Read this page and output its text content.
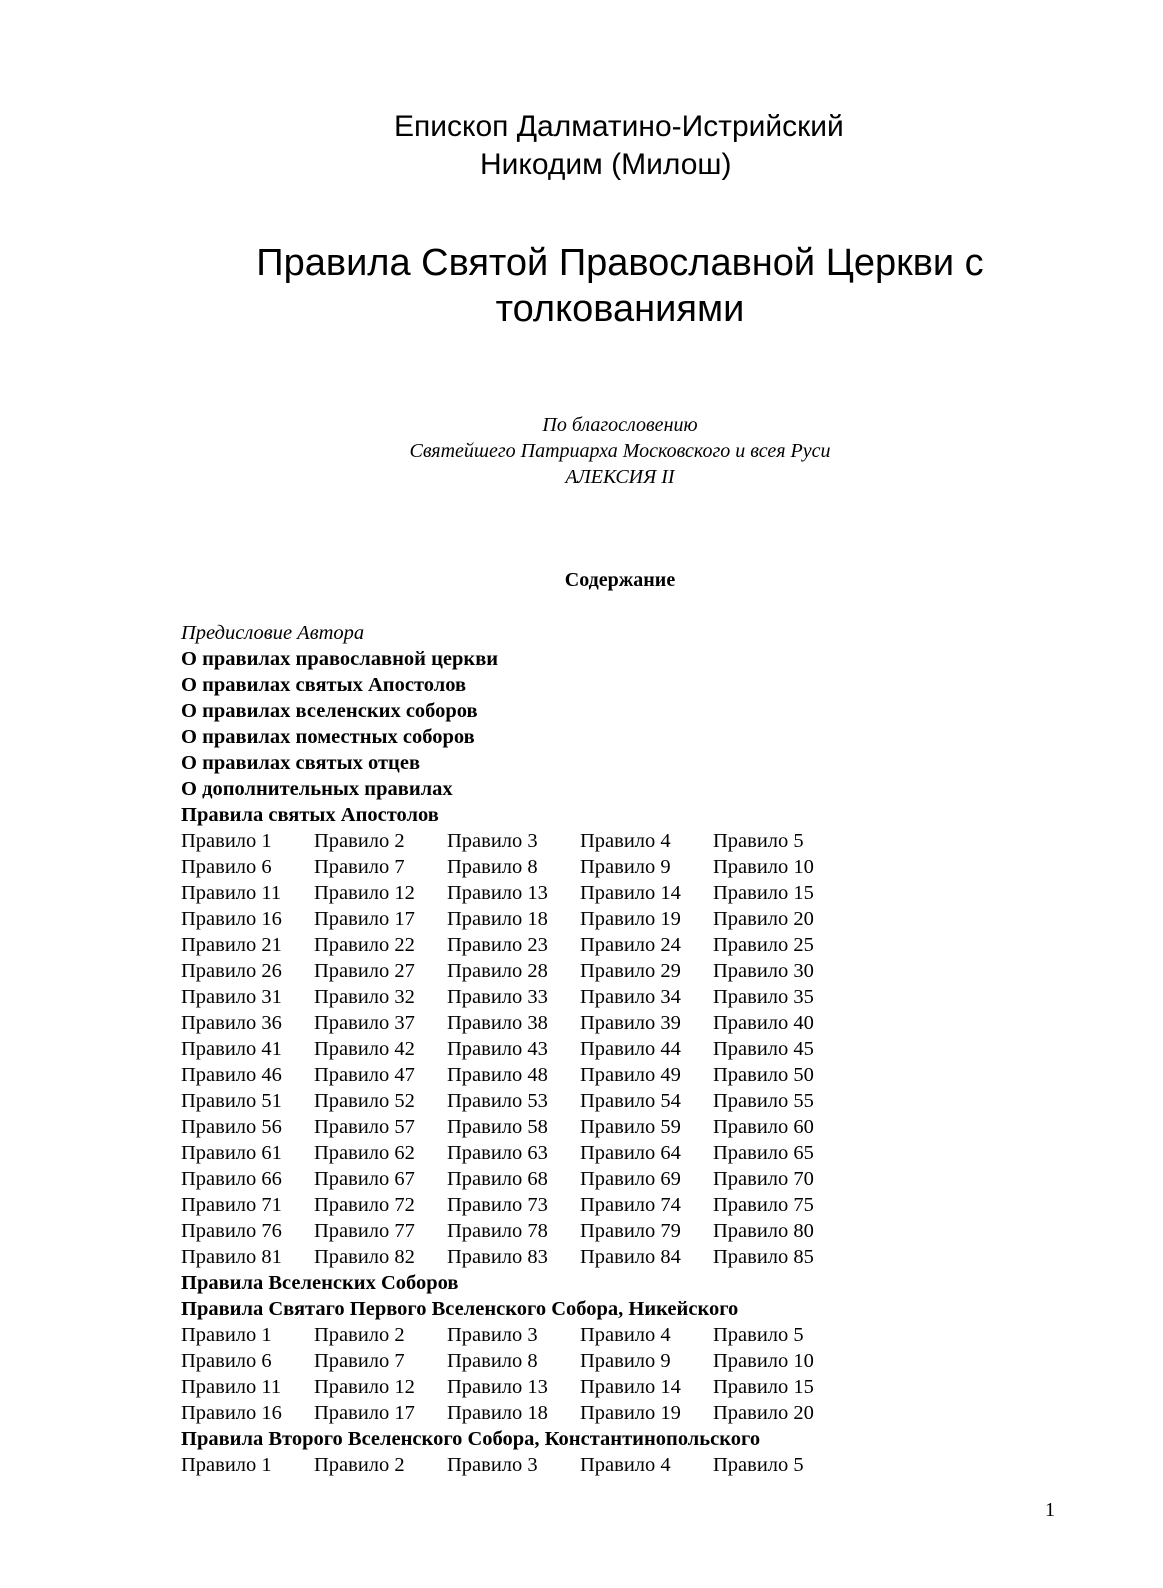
Епископ Далматино-Истрийский
Никодим (Милош)
Правила Святой Православной Церкви с
толкованиями
По благословению
Святейшего Патриарха Московского и всея Руси
АЛЕКСИЯ II
Содержание
Предисловие Автора
О правилах православной церкви
О правилах святых Апостолов
О правилах вселенских соборов
О правилах поместных соборов
О правилах святых отцев
О дополнительных правилах
Правила святых Апостолов
Правило 1	Правило 2	Правило 3	Правило 4	Правило 5
Правило 6	Правило 7	Правило 8	Правило 9	Правило 10
Правило 11	Правило 12	Правило 13	Правило 14	Правило 15
Правило 16	Правило 17	Правило 18	Правило 19	Правило 20
Правило 21	Правило 22	Правило 23	Правило 24	Правило 25
Правило 26	Правило 27	Правило 28	Правило 29	Правило 30
Правило 31	Правило 32	Правило 33	Правило 34	Правило 35
Правило 36	Правило 37	Правило 38	Правило 39	Правило 40
Правило 41	Правило 42	Правило 43	Правило 44	Правило 45
Правило 46	Правило 47	Правило 48	Правило 49	Правило 50
Правило 51	Правило 52	Правило 53	Правило 54	Правило 55
Правило 56	Правило 57	Правило 58	Правило 59	Правило 60
Правило 61	Правило 62	Правило 63	Правило 64	Правило 65
Правило 66	Правило 67	Правило 68	Правило 69	Правило 70
Правило 71	Правило 72	Правило 73	Правило 74	Правило 75
Правило 76	Правило 77	Правило 78	Правило 79	Правило 80
Правило 81	Правило 82	Правило 83	Правило 84	Правило 85
Правила Вселенских Соборов
Правила Святаго Первого Вселенского Собора, Никейского
Правило 1	Правило 2	Правило 3	Правило 4	Правило 5
Правило 6	Правило 7	Правило 8	Правило 9	Правило 10
Правило 11	Правило 12	Правило 13	Правило 14	Правило 15
Правило 16	Правило 17	Правило 18	Правило 19	Правило 20
Правила Второго Вселенского Собора, Константинопольского
Правило 1	Правило 2	Правило 3	Правило 4	Правило 5
1
